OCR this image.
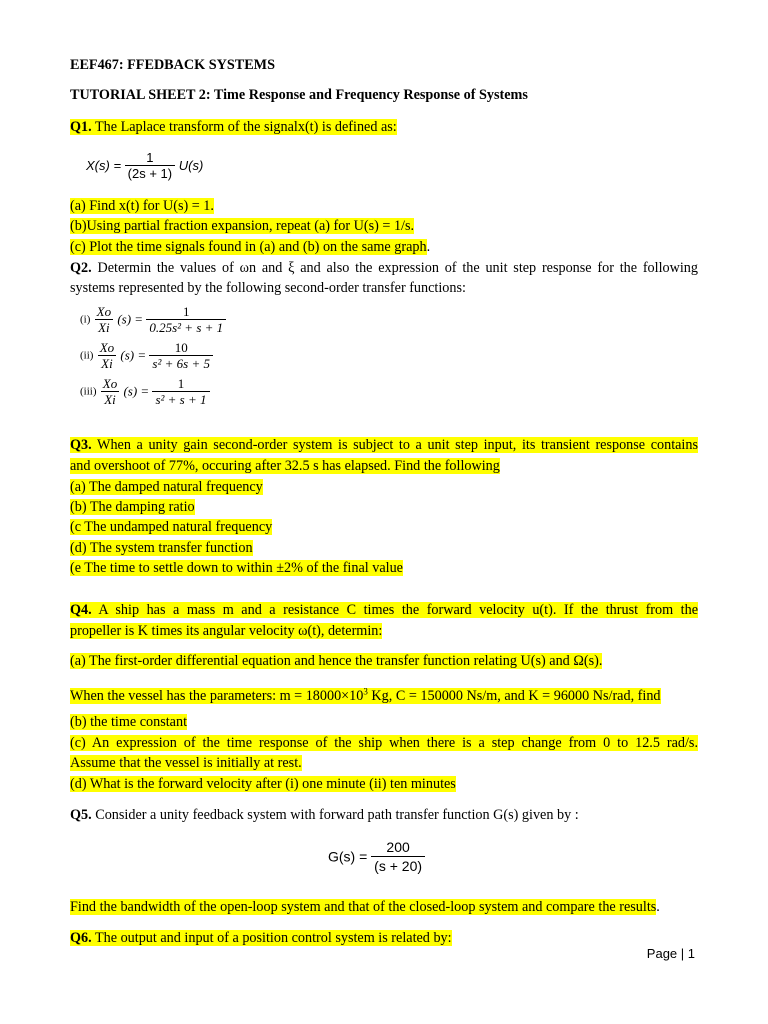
EEF467: FFEDBACK SYSTEMS
TUTORIAL SHEET 2: Time Response and Frequency Response of Systems
Q1. The Laplace transform of the signalx(t) is defined as:
$X(s) = \frac{1}{(2s + 1)} U(s)$
(a) Find x(t) for U(s) = 1.
(b)Using partial fraction expansion, repeat (a) for U(s) = 1/s.
(c) Plot the time signals found in (a) and (b) on the same graph.
Q2. Determin the values of ωn and ξ and also the expression of the unit step response for the following
systems represented by the following second-order transfer functions:
$(i) \frac{Xo}{Xi} (s) = \frac{1}{\text{0.25s² + s + 1}}$
$(ii) \frac{Xo}{Xi} (s) = \frac{10}{\text{s² + 6s + 5}}$
$(iii) \frac{Xo}{Xi} (s) = \frac{1}{\text{s² + s + 1}}$
Q3. When a unity gain second-order system is subject to a unit step input, its transient response contains
and overshoot of 77%, occuring after 32.5 s has elapsed. Find the following
(a) The damped natural frequency
(b) The damping ratio
(c The undamped natural frequency
(d) The system transfer function
(e The time to settle down to within ±2% of the final value
Q4. A ship has a mass m and a resistance C times the forward velocity u(t). If the thrust from the
propeller is K times its angular velocity ω(t), determin:
(a) The first-order differential equation and hence the transfer function relating U(s) and Ω(s).
When the vessel has the parameters: $m = 18000\times 10^3$ Kg, C = 150000 Ns/m, and K = 96000 Ns/rad, find
(b) the time constant
(c) An expression of the time response of the ship when there is a step change from 0 to 12.5 rad/s.
Assume that the vessel is initially at rest.
(d) What is the forward velocity after (i) one minute (ii) ten minutes
Q5. Consider a unity feedback system with forward path transfer function G(s) given by :
$G(s) = \frac{200}{(s + 20)}$
Find the bandwidth of the open-loop system and that of the closed-loop system and compare the results.
Q6. The output and input of a position control system is related by:
Page | 1
